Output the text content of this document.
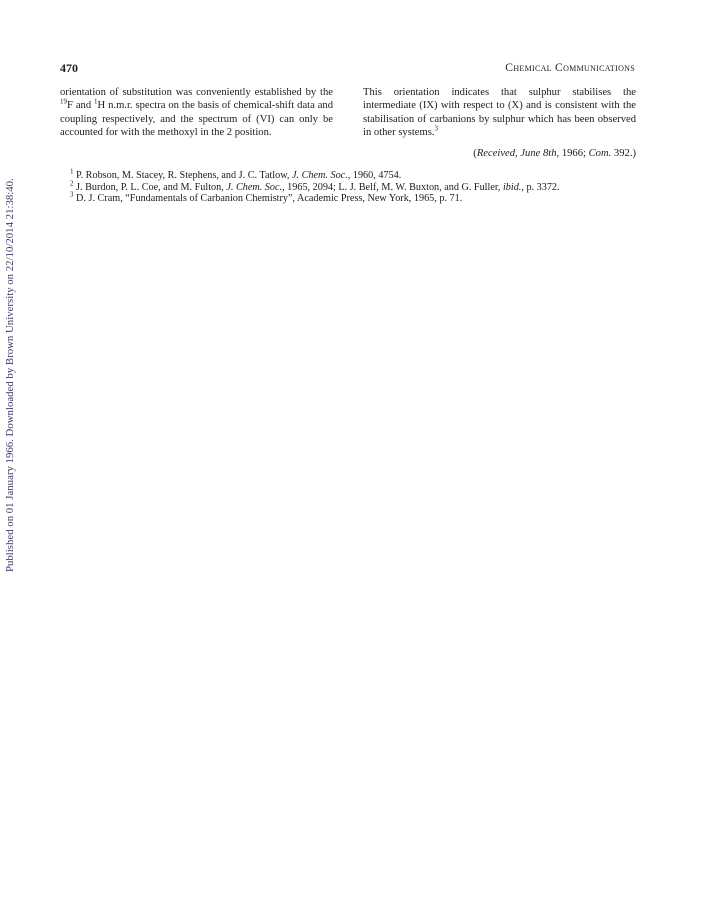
Published on 01 January 1966. Downloaded by Brown University on 22/10/2014 21:38:40.
470	Chemical Communications
orientation of substitution was conveniently established by the $^{19}$F and $^1$H n.m.r. spectra on the basis of chemical-shift data and coupling respectively, and the spectrum of (VI) can only be accounted for with the methoxyl in the 2 position.
This orientation indicates that sulphur stabilises the intermediate (IX) with respect to (X) and is consistent with the stabilisation of carbanions by sulphur which has been observed in other systems.$^3$
(Received, June 8th, 1966; Com. 392.)
$^1$ P. Robson, M. Stacey, R. Stephens, and J. C. Tatlow, J. Chem. Soc., 1960, 4754.
$^2$ J. Burdon, P. L. Coe, and M. Fulton, J. Chem. Soc., 1965, 2094; L. J. Belf, M. W. Buxton, and G. Fuller, ibid., p. 3372.
$^3$ D. J. Cram, “Fundamentals of Carbanion Chemistry”, Academic Press, New York, 1965, p. 71.
